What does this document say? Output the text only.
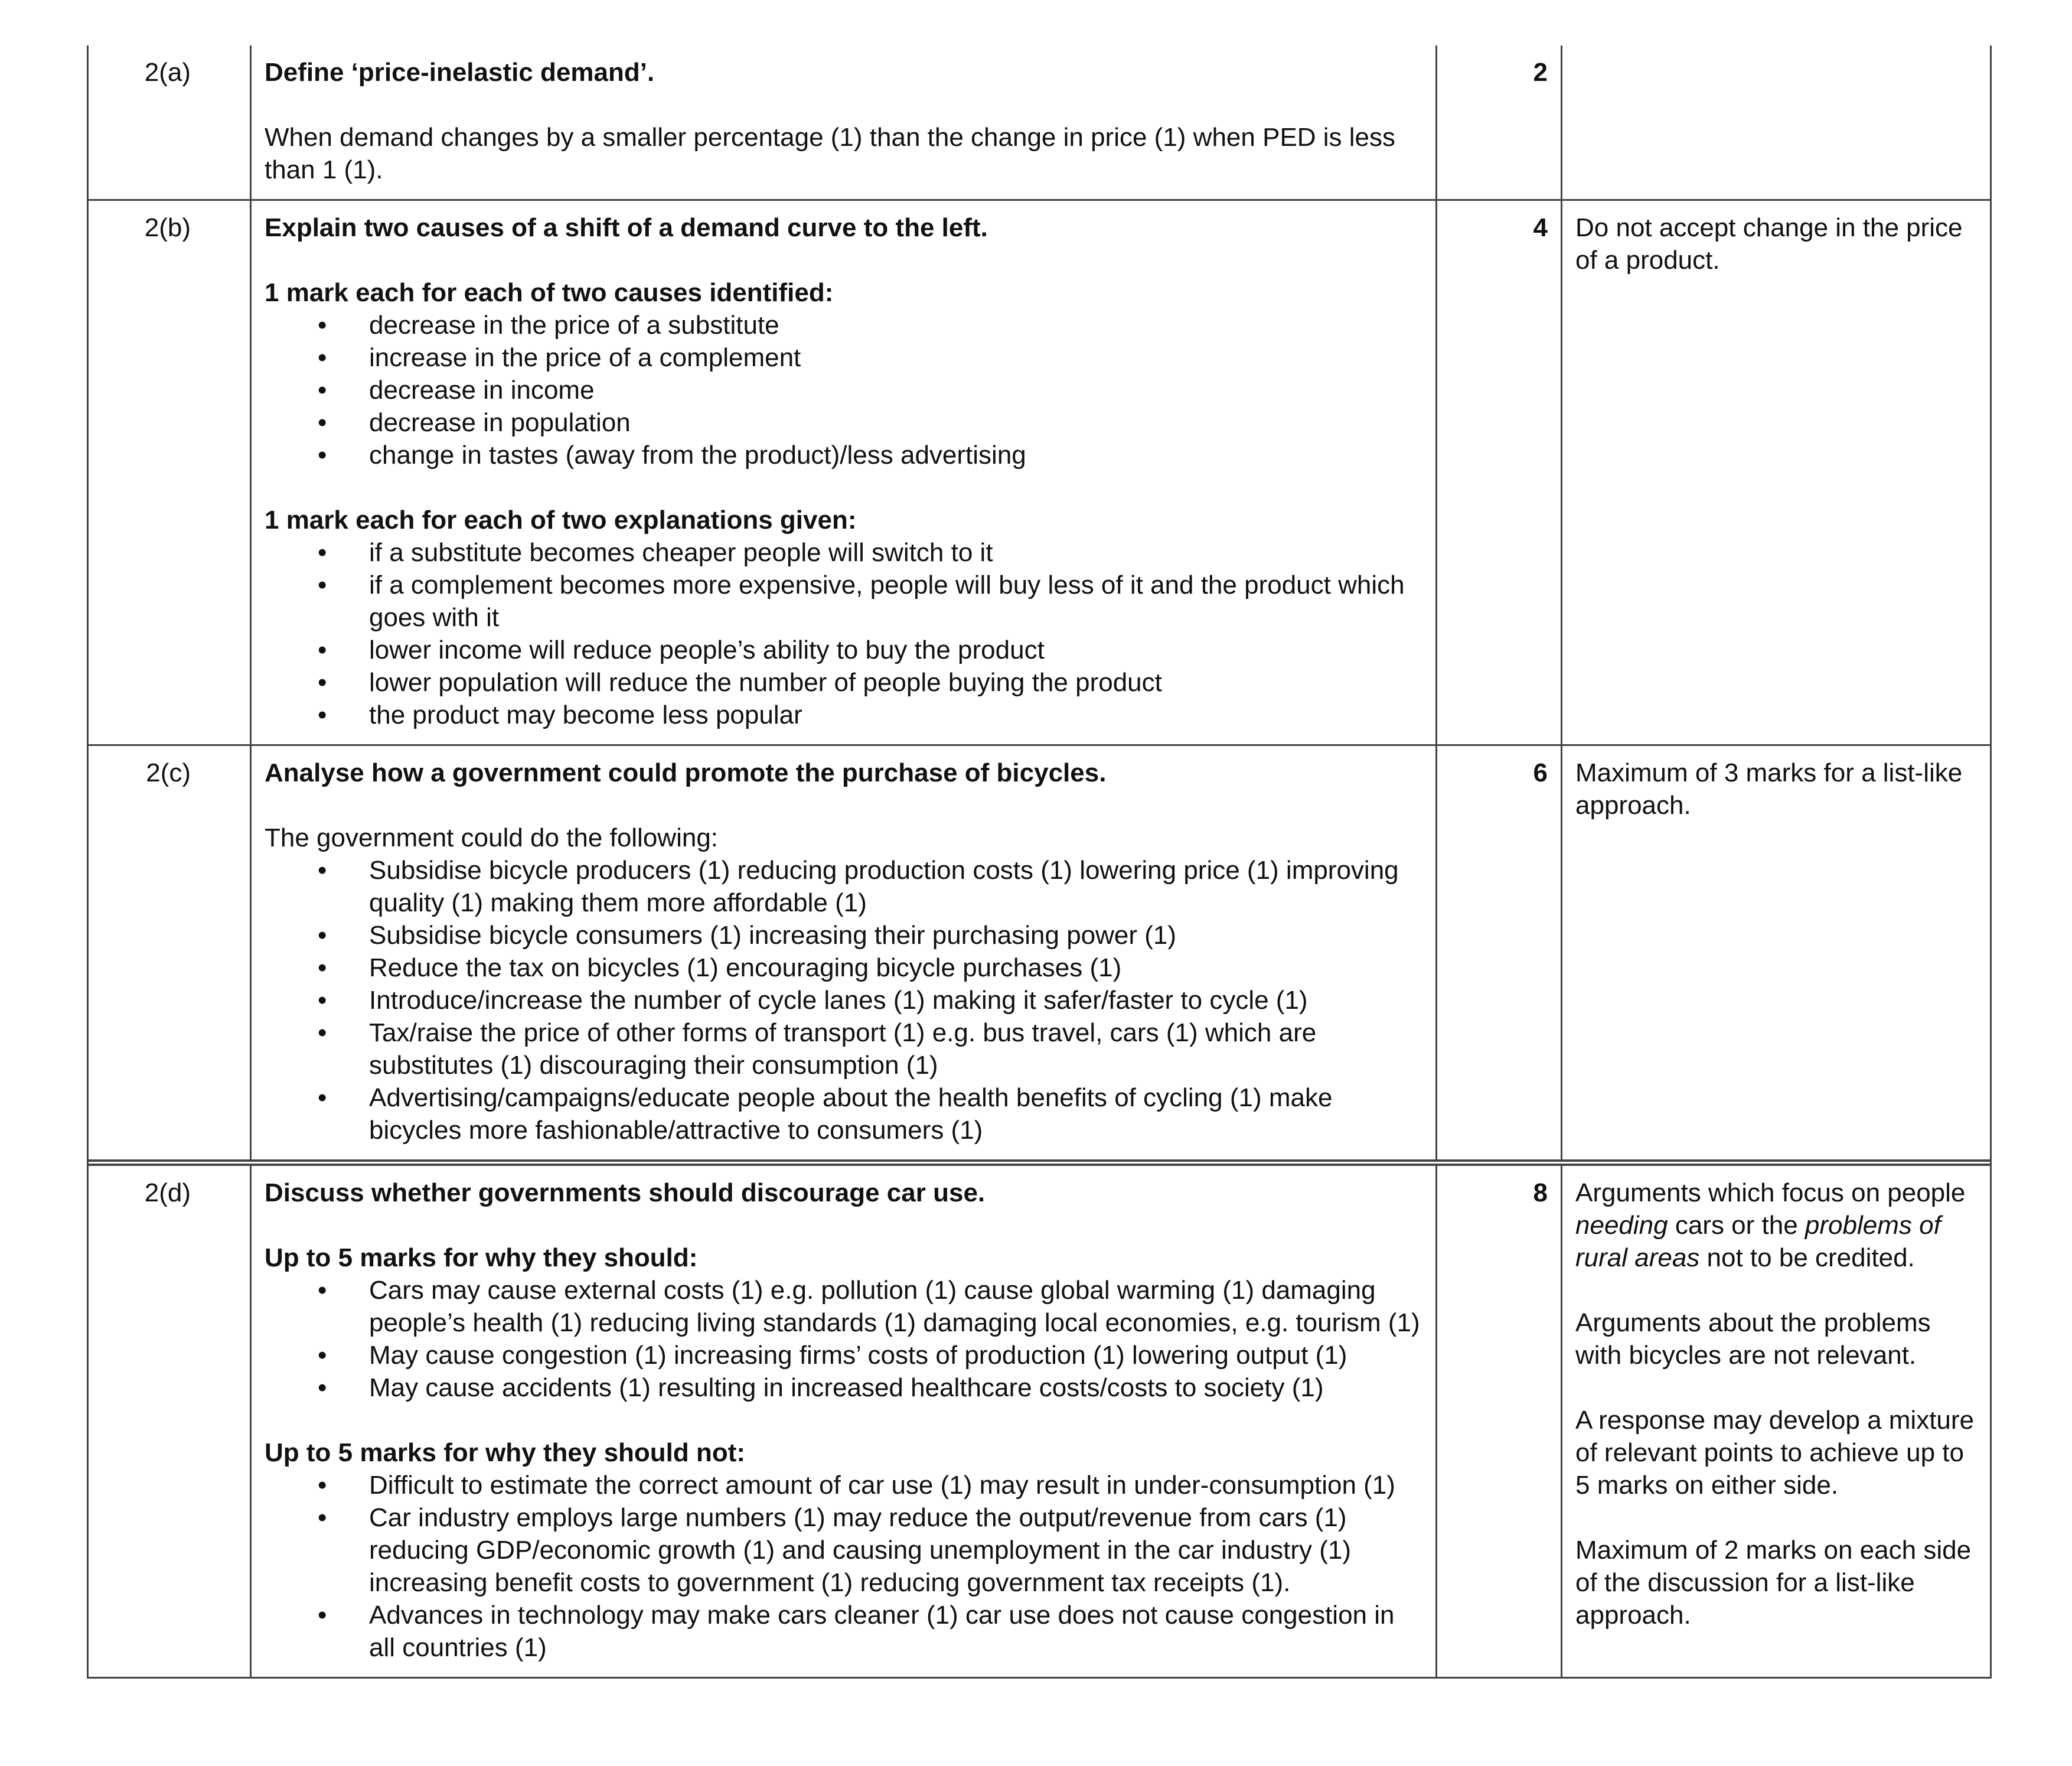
2(a)	Define ‘price-inelastic demand’.

When demand changes by a smaller percentage (1) than the change in price (1) when PED is less than 1 (1).

2

2(b)	Explain two causes of a shift of a demand curve to the left.
1 mark each for each of two causes identified:
• decrease in the price of a substitute
• increase in the price of a complement
• decrease in income
• decrease in population
• change in tastes (away from the product)/less advertising
1 mark each for each of two explanations given:
• if a substitute becomes cheaper people will switch to it
• if a complement becomes more expensive, people will buy less of it and the product which goes with it
• lower income will reduce people’s ability to buy the product
• lower population will reduce the number of people buying the product
• the product may become less popular
4	Do not accept change in the price of a product.

2(c)	Analyse how a government could promote the purchase of bicycles.
The government could do the following:
• Subsidise bicycle producers (1) reducing production costs (1) lowering price (1) improving quality (1) making them more affordable (1)
• Subsidise bicycle consumers (1) increasing their purchasing power (1)
• Reduce the tax on bicycles (1) encouraging bicycle purchases (1)
• Introduce/increase the number of cycle lanes (1) making it safer/faster to cycle (1)
• Tax/raise the price of other forms of transport (1) e.g. bus travel, cars (1) which are substitutes (1) discouraging their consumption (1)
• Advertising/campaigns/educate people about the health benefits of cycling (1) make bicycles more fashionable/attractive to consumers (1)
6	Maximum of 3 marks for a list-like approach.

2(d)	Discuss whether governments should discourage car use.
Up to 5 marks for why they should:
• Cars may cause external costs (1) e.g. pollution (1) cause global warming (1) damaging people’s health (1) reducing living standards (1) damaging local economies, e.g. tourism (1)
• May cause congestion (1) increasing firms’ costs of production (1) lowering output (1)
• May cause accidents (1) resulting in increased healthcare costs/costs to society (1)
Up to 5 marks for why they should not:
• Difficult to estimate the correct amount of car use (1) may result in under-consumption (1)
• Car industry employs large numbers (1) may reduce the output/revenue from cars (1) reducing GDP/economic growth (1) and causing unemployment in the car industry (1) increasing benefit costs to government (1) reducing government tax receipts (1).
• Advances in technology may make cars cleaner (1) car use does not cause congestion in all countries (1)
8	Arguments which focus on people needing cars or the problems of rural areas not to be credited.

Arguments about the problems with bicycles are not relevant.

A response may develop a mixture of relevant points to achieve up to 5 marks on either side.

Maximum of 2 marks on each side of the discussion for a list-like approach.
